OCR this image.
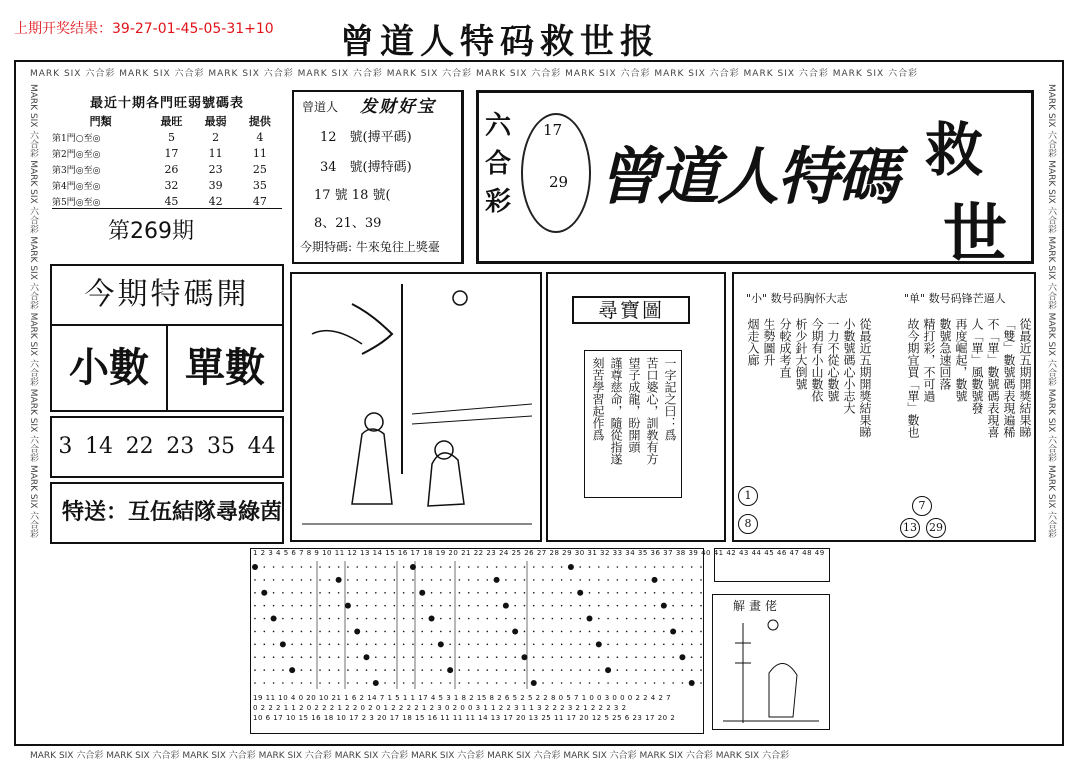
上期开奖结果：39-27-01-45-05-31+10 曾道人特码救世报
MARK SIX 六合彩 MARK SIX 六合彩 MARK SIX 六合彩 MARK SIX 六合彩 MARK SIX 六合彩 MARK SIX 六合彩 MARK SIX 六合彩 MARK SIX 六合彩 MARK SIX 六合彩 MARK SIX 六合彩
MARK SIX 六合彩 MARK SIX 六合彩 MARK SIX 六合彩 MARK SIX 六合彩 MARK SIX 六合彩 MARK SIX 六合彩 MARK SIX 六合彩 MARK SIX 六合彩 MARK SIX 六合彩 MARK SIX 六合彩
MARK SIX 六合彩 MARK SIX 六合彩 MARK SIX 六合彩 MARK SIX 六合彩 MARK SIX 六合彩 MARK SIX 六合彩	MARK SIX 六合彩 MARK SIX 六合彩 MARK SIX 六合彩 MARK SIX 六合彩 MARK SIX 六合彩 MARK SIX 六合彩
最近十期各門旺弱號碼表
門類	最旺	最弱	提供
第1門○至◎	5	2	4
第2門◎至◎	17	11	11
第3門◎至◎	26	23	25
第4門◎至◎	32	39	35
第5門◎至◎	45	42	47
第269期
曾道人 发财好宝
12　號(搏平碼)
34　號(搏特碼)
17 號 18 號(
8、21、39
今期特碼: 牛來兔往上獎臺
六合彩
17
29 曾道人特碼 救
世
今期特碼開
小數 單數
3 14 22 23 35 44
特送：互伍結隊尋綠茵
尋寶圖
一字記之曰：爲
苦口婆心，訓教有方
望子成龍，盼開頭
謹尊慈命，隨從指遂
刻苦學習起作爲
"小" 数号码胸怀大志	"单" 数号码锋芒逼人
從最近五期開獎結果睇
小數號碼心小志大
一力不從心數號
今期有小山數依
析少針大倒號
分較成考直
生勢圖升
烟走入廊	從最近五期開獎結果睇
「雙」數號碼表現遍稀
不「單」數號碼表現喜
人「單」風數號發
再度崛起，數號
數號急速回落
精打彩，不可過
故今期宜買「單」數也
1
8
7
13 29
1 2 3 4 5 6 7 8 9 10 11 12 13 14 15 16 17 18 19 20 21 22 23 24 25 26 27 28 29 30 31 32 33 34 35 36 37 38 39 40 41 42 43 44 45 46 47 48 49
19 11 10 4 0 20 10 21 1 6 2 14 7 1 5 1 1 17 4 5 3 1 8 2 15 8 2 6 5 2 5 2 2 8 0 5 7 1 0 0 3 0 0 0 2 2 4 2 7
0 2 2 2 1 1 2 0 2 2 2 1 2 2 0 2 0 1 2 2 2 2 1 2 3 0 2 0 0 3 1 1 2 2 3 1 1 3 2 2 2 3 2 1 2 2 2 3 2
10 6 17 10 15 16 18 10 17 2 3 20 17 18 15 16 11 11 11 14 13 17 20 13 25 11 17 20 12 5 25 6 23 17 20 2
解畫佬
